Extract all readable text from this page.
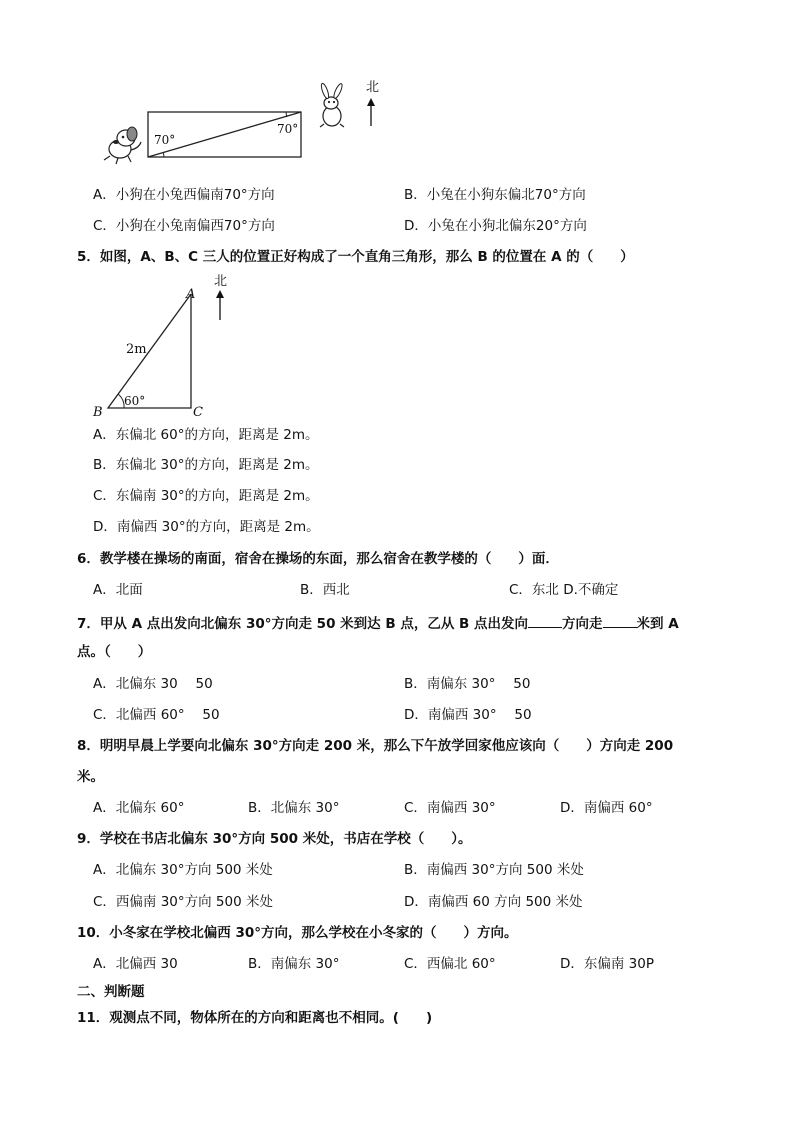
70°
70°
北
A．小狗在小兔西偏南70°方向	B．小兔在小狗东偏北70°方向
C．小狗在小兔南偏西70°方向	D．小兔在小狗北偏东20°方向
5．如图，A、B、C 三人的位置正好构成了一个直角三角形，那么 B 的位置在 A 的（　　）
A
B	C
2m
60°
北
A．东偏北 60°的方向，距离是 2m。
B．东偏北 30°的方向，距离是 2m。
C．东偏南 30°的方向，距离是 2m。
D．南偏西 30°的方向，距离是 2m。
6．教学楼在操场的南面，宿舍在操场的东面，那么宿舍在教学楼的（　　）面．
A．北面	B．西北	C．东北 D.不确定
7．甲从 A 点出发向北偏东 30°方向走 50 米到达 B 点，乙从 B 点出发向	方向走	米到 A
点。（　　）
A．北偏东 30　 50	B．南偏东 30°　 50
C．北偏西 60°　 50	D．南偏西 30°　 50
8．明明早晨上学要向北偏东 30°方向走 200 米，那么下午放学回家他应该向（　　）方向走 200
米。
A．北偏东 60°	B．北偏东 30°	C．南偏西 30°	D．南偏西 60°
9．学校在书店北偏东 30°方向 500 米处，书店在学校（　　）。
A．北偏东 30°方向 500 米处	B．南偏西 30°方向 500 米处
C．西偏南 30°方向 500 米处	D．南偏西 60 方向 500 米处
10．小冬家在学校北偏西 30°方向，那么学校在小冬家的（　　）方向。
A．北偏西 30	B．南偏东 30°	C．西偏北 60°	D．东偏南 30P
二、判断题
11．观测点不同，物体所在的方向和距离也不相同。(　　)
